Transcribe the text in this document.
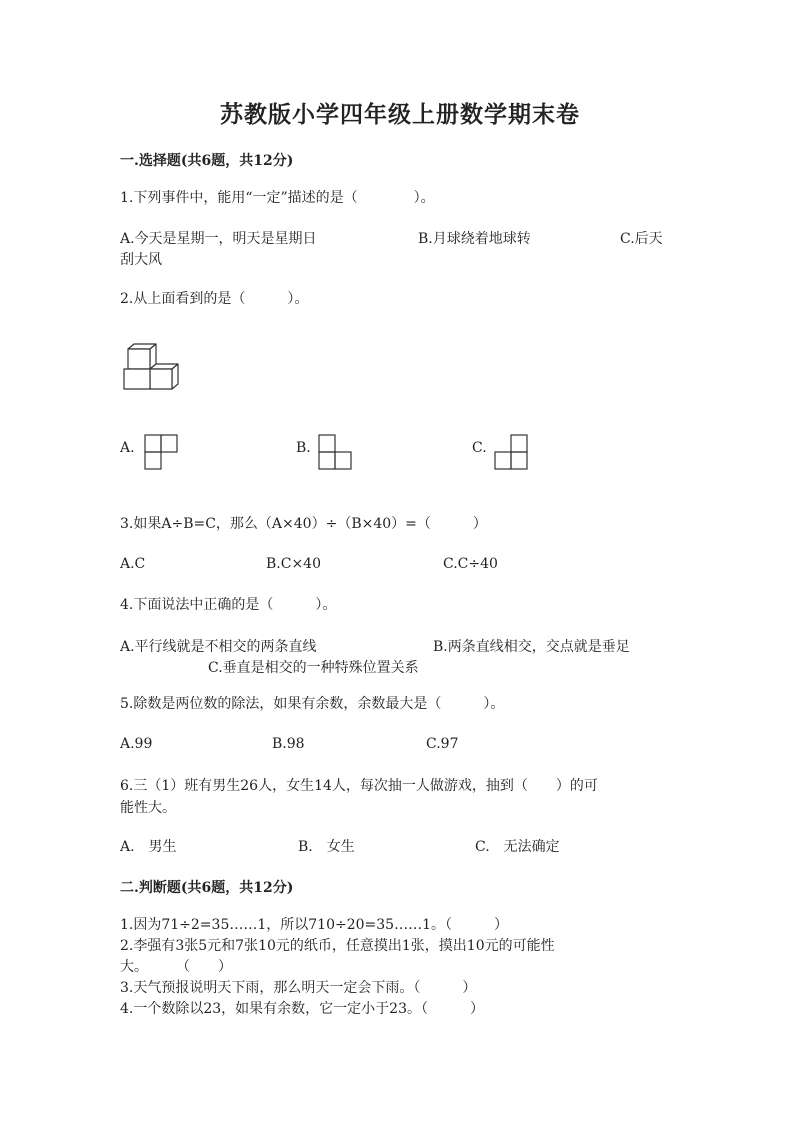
苏教版小学四年级上册数学期末卷
一.选择题(共6题，共12分)
1.下列事件中，能用“一定”描述的是（　　　　）。
A.今天是星期一，明天是星期日	B.月球绕着地球转	C.后天
刮大风
2.从上面看到的是（　　　）。
A.	B.	C.
3.如果A÷B=C，那么（A×40）÷（B×40）=（　　　）
A.C	B.C×40	C.C÷40
4.下面说法中正确的是（　　　）。
A.平行线就是不相交的两条直线	B.两条直线相交，交点就是垂足
C.垂直是相交的一种特殊位置关系
5.除数是两位数的除法，如果有余数，余数最大是（　　　）。
A.99	B.98	C.97
6.三（1）班有男生26人，女生14人，每次抽一人做游戏，抽到（　　）的可
能性大。
A.　男生	B.　女生	C.　无法确定
二.判断题(共6题，共12分)
1.因为71÷2=35……1，所以710÷20=35……1。（　　　）
2.李强有3张5元和7张10元的纸币，任意摸出1张，摸出10元的可能性
大。　　　（　　）
3.天气预报说明天下雨，那么明天一定会下雨。（　　　）
4.一个数除以23，如果有余数，它一定小于23。（　　　）
